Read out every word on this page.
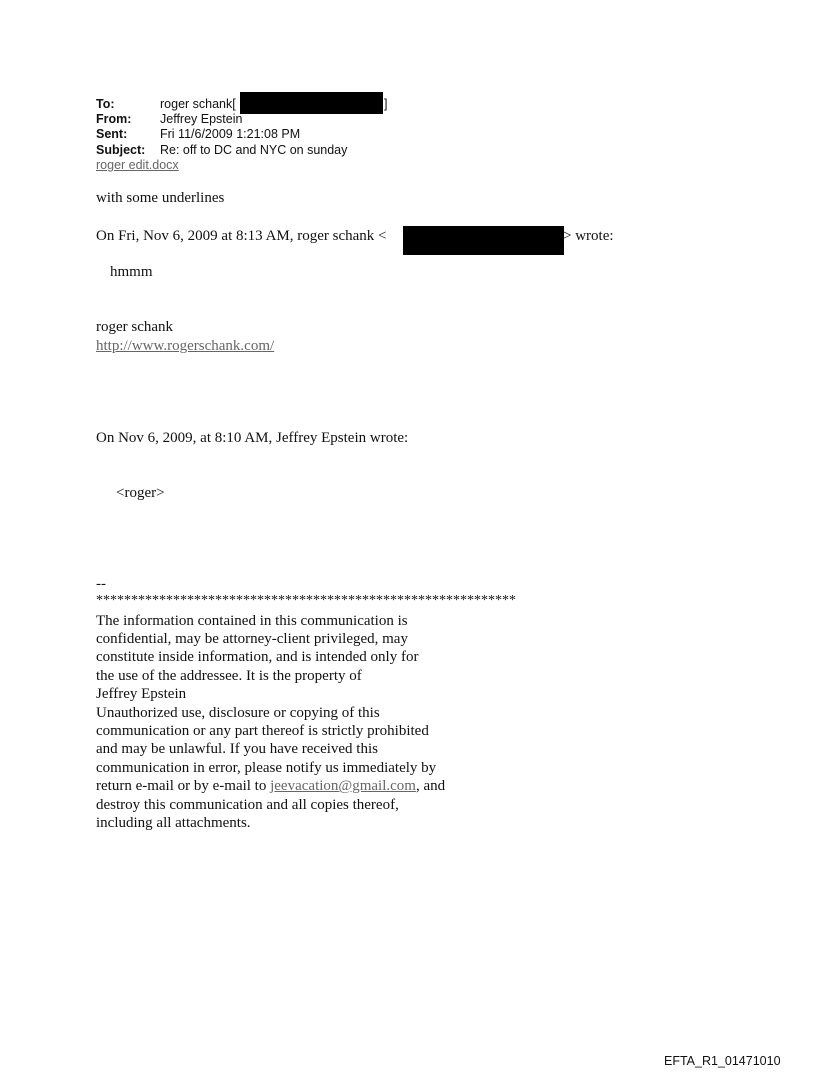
To:	roger schank[	]
From: Jeffrey Epstein
Sent:	Fri 11/6/2009 1:21:08 PM
Subject: Re: off to DC and NYC on sunday
roger edit.docx
with some underlines
On Fri, Nov 6, 2009 at 8:13 AM, roger schank <	> wrote:
hmmm
roger schank
http://www.rogerschank.com/
On Nov 6, 2009, at 8:10 AM, Jeffrey Epstein wrote:
<roger>
--
************************************************************
The information contained in this communication is
confidential, may be attorney-client privileged, may
constitute inside information, and is intended only for
the use of the addressee. It is the property of
Jeffrey Epstein
Unauthorized use, disclosure or copying of this
communication or any part thereof is strictly prohibited
and may be unlawful. If you have received this
communication in error, please notify us immediately by
return e-mail or by e-mail to jeevacation@gmail.com, and
destroy this communication and all copies thereof,
including all attachments.
EFTA_R1_01471010
